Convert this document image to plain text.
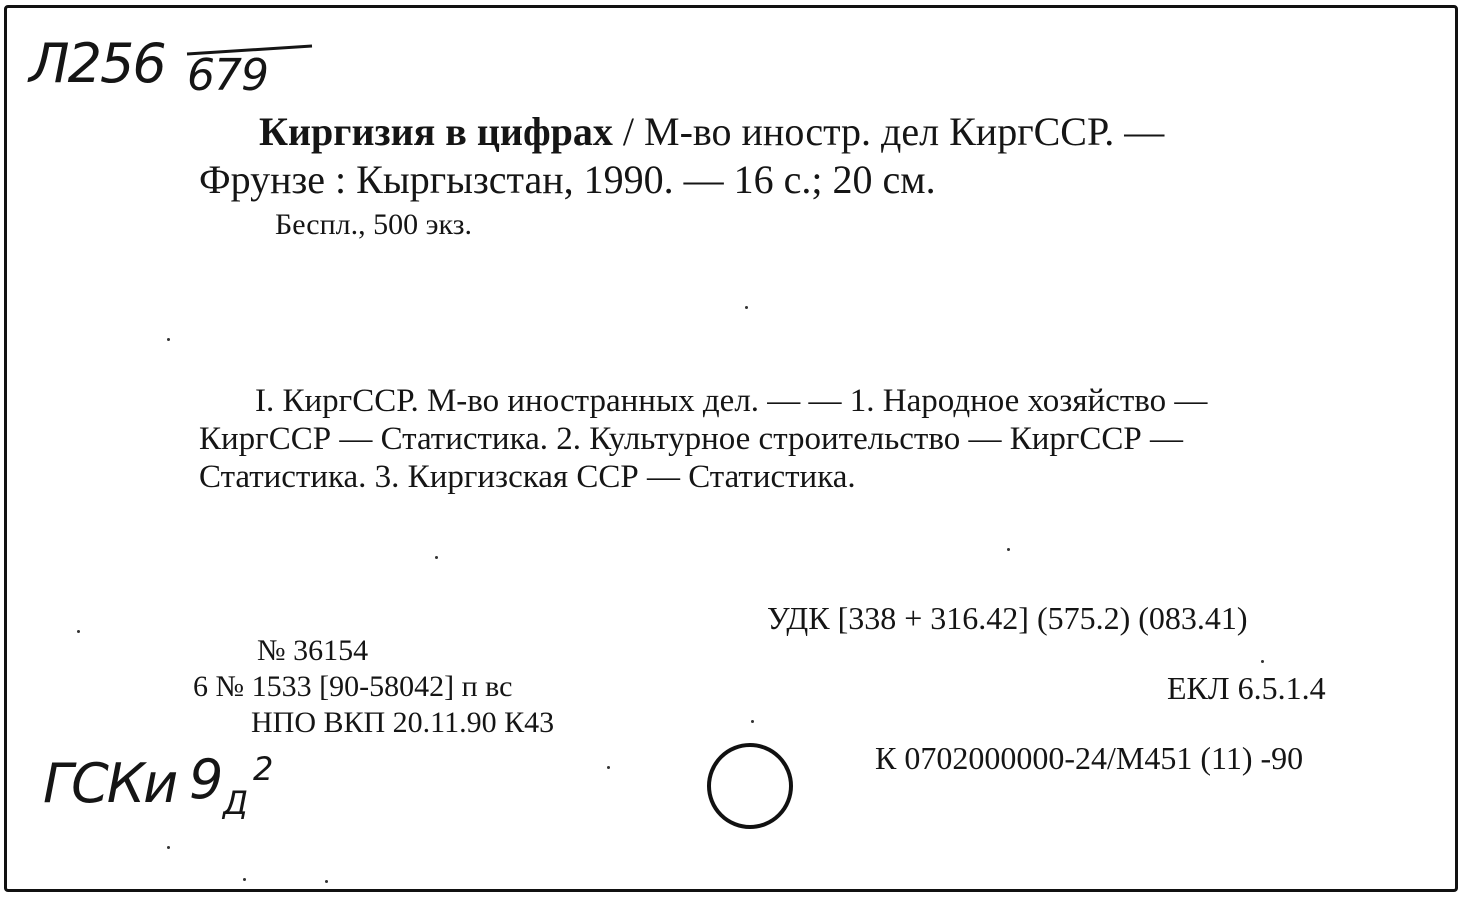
Л256 679
Киргизия в цифрах / М-во иностр. дел КиргССР. —
Фрунзе : Кыргызстан, 1990. — 16 с.; 20 см.
Беспл., 500 экз.
I. КиргССР. М-во иностранных дел. — — 1. Народное хозяйство —
КиргССР — Статистика. 2. Культурное строительство — КиргССР —
Статистика. 3. Киргизская ССР — Статистика.
№ 36154
6 № 1533 [90-58042] п вс
НПО ВКП 20.11.90 К43
УДК [338 + 316.42] (575.2) (083.41)
ЕКЛ 6.5.1.4
К 0702000000-24/М451 (11) -90
ГСКи 9 Д
2
